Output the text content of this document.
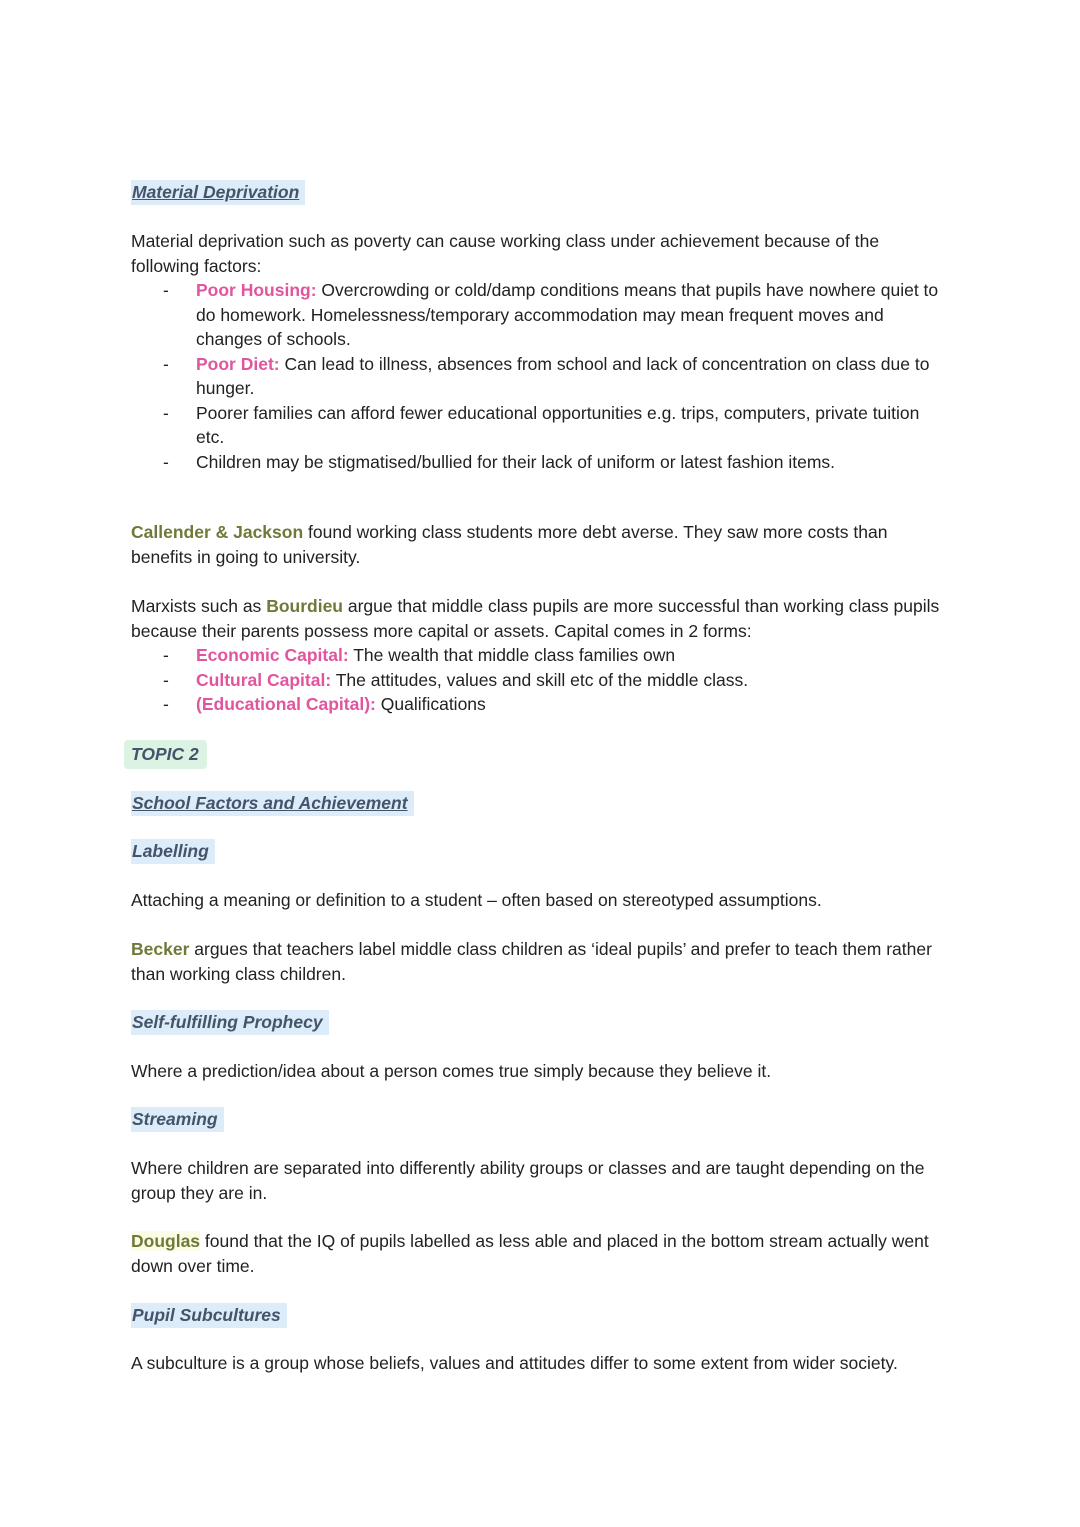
Material Deprivation

Material deprivation such as poverty can cause working class under achievement because of the following factors:

- Poor Housing: Overcrowding or cold/damp conditions means that pupils have nowhere quiet to do homework. Homelessness/temporary accommodation may mean frequent moves and changes of schools.
- Poor Diet: Can lead to illness, absences from school and lack of concentration on class due to hunger.
- Poorer families can afford fewer educational opportunities e.g. trips, computers, private tuition etc.
- Children may be stigmatised/bullied for their lack of uniform or latest fashion items.

Callender & Jackson found working class students more debt averse. They saw more costs than benefits in going to university.

Marxists such as Bourdieu argue that middle class pupils are more successful than working class pupils because their parents possess more capital or assets. Capital comes in 2 forms:

- Economic Capital: The wealth that middle class families own
- Cultural Capital: The attitudes, values and skill etc of the middle class.
- (Educational Capital): Qualifications
TOPIC 2
School Factors and Achievement
Labelling

Attaching a meaning or definition to a student – often based on stereotyped assumptions.

Becker argues that teachers label middle class children as ‘ideal pupils’ and prefer to teach them rather than working class children.

Self-fulfilling Prophecy

Where a prediction/idea about a person comes true simply because they believe it.

Streaming

Where children are separated into differently ability groups or classes and are taught depending on the group they are in.

Douglas found that the IQ of pupils labelled as less able and placed in the bottom stream actually went down over time.

Pupil Subcultures

A subculture is a group whose beliefs, values and attitudes differ to some extent from wider society.
